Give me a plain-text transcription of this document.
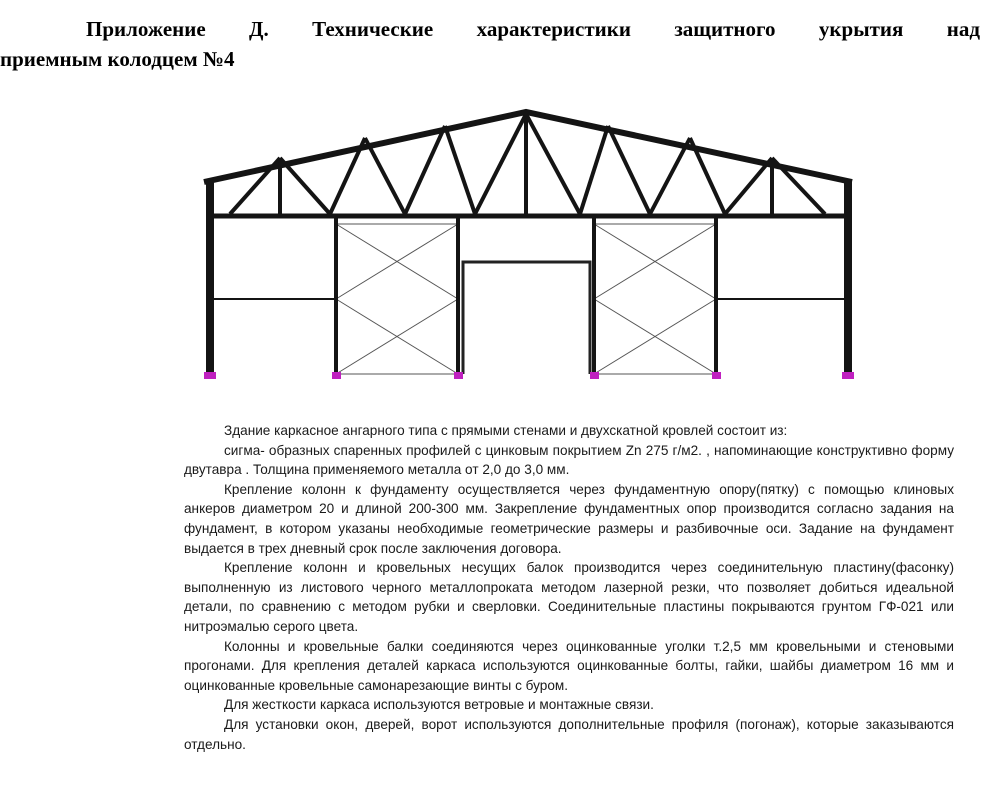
Приложение Д. Технические характеристики защитного укрытия над
приемным колодцем №4

Здание каркасное ангарного типа с прямыми стенами и двухскатной кровлей состоит из:

сигма- образных спаренных профилей с цинковым покрытием Zn 275 г/м2. , напоминающие конструктивно форму двутавра . Толщина применяемого металла от 2,0 до 3,0 мм.

Крепление колонн к фундаменту осуществляется через фундаментную опору(пятку) с помощью клиновых анкеров диаметром 20 и длиной 200-300 мм. Закрепление фундаментных опор производится согласно задания на фундамент, в котором указаны необходимые геометрические размеры и разбивочные оси. Задание на фундамент выдается в трех дневный срок после заключения договора.

Крепление колонн и кровельных несущих балок производится через соединительную пластину(фасонку) выполненную из листового черного металлопроката методом лазерной резки, что позволяет добиться идеальной детали, по сравнению с методом рубки и сверловки. Соединительные пластины покрываются грунтом ГФ-021 или нитроэмалью серого цвета.

Колонны и кровельные балки соединяются через оцинкованные уголки т.2,5 мм кровельными и стеновыми прогонами. Для крепления деталей каркаса используются оцинкованные болты, гайки, шайбы диаметром 16 мм и оцинкованные кровельные самонарезающие винты с буром.

Для жесткости каркаса используются ветровые и монтажные связи.

Для установки окон, дверей, ворот используются дополнительные профиля (погонаж), которые заказываются отдельно.
